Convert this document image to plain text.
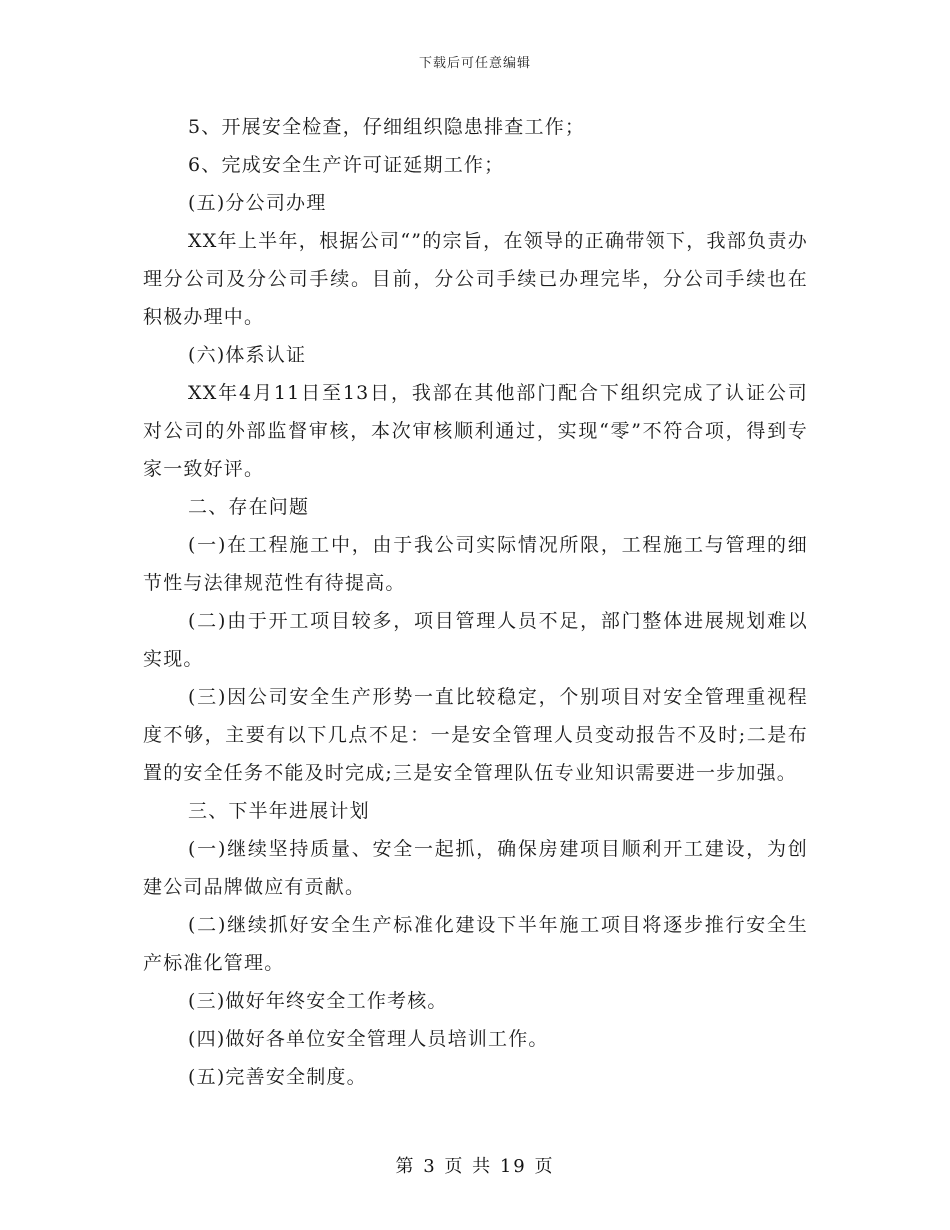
下载后可任意编辑

5、开展安全检查，仔细组织隐患排查工作；

6、完成安全生产许可证延期工作；

(五)分公司办理

XX年上半年，根据公司“”的宗旨，在领导的正确带领下，我部负责办理分公司及分公司手续。目前，分公司手续已办理完毕，分公司手续也在积极办理中。

(六)体系认证

XX年4月11日至13日，我部在其他部门配合下组织完成了认证公司对公司的外部监督审核，本次审核顺利通过，实现“零”不符合项，得到专家一致好评。

二、存在问题

(一)在工程施工中，由于我公司实际情况所限，工程施工与管理的细节性与法律规范性有待提高。

(二)由于开工项目较多，项目管理人员不足，部门整体进展规划难以实现。

(三)因公司安全生产形势一直比较稳定，个别项目对安全管理重视程度不够，主要有以下几点不足：一是安全管理人员变动报告不及时;二是布置的安全任务不能及时完成;三是安全管理队伍专业知识需要进一步加强。

三、下半年进展计划

(一)继续坚持质量、安全一起抓，确保房建项目顺利开工建设，为创建公司品牌做应有贡献。

(二)继续抓好安全生产标准化建设下半年施工项目将逐步推行安全生产标准化管理。

(三)做好年终安全工作考核。

(四)做好各单位安全管理人员培训工作。

(五)完善安全制度。

第 3 页 共 19 页
